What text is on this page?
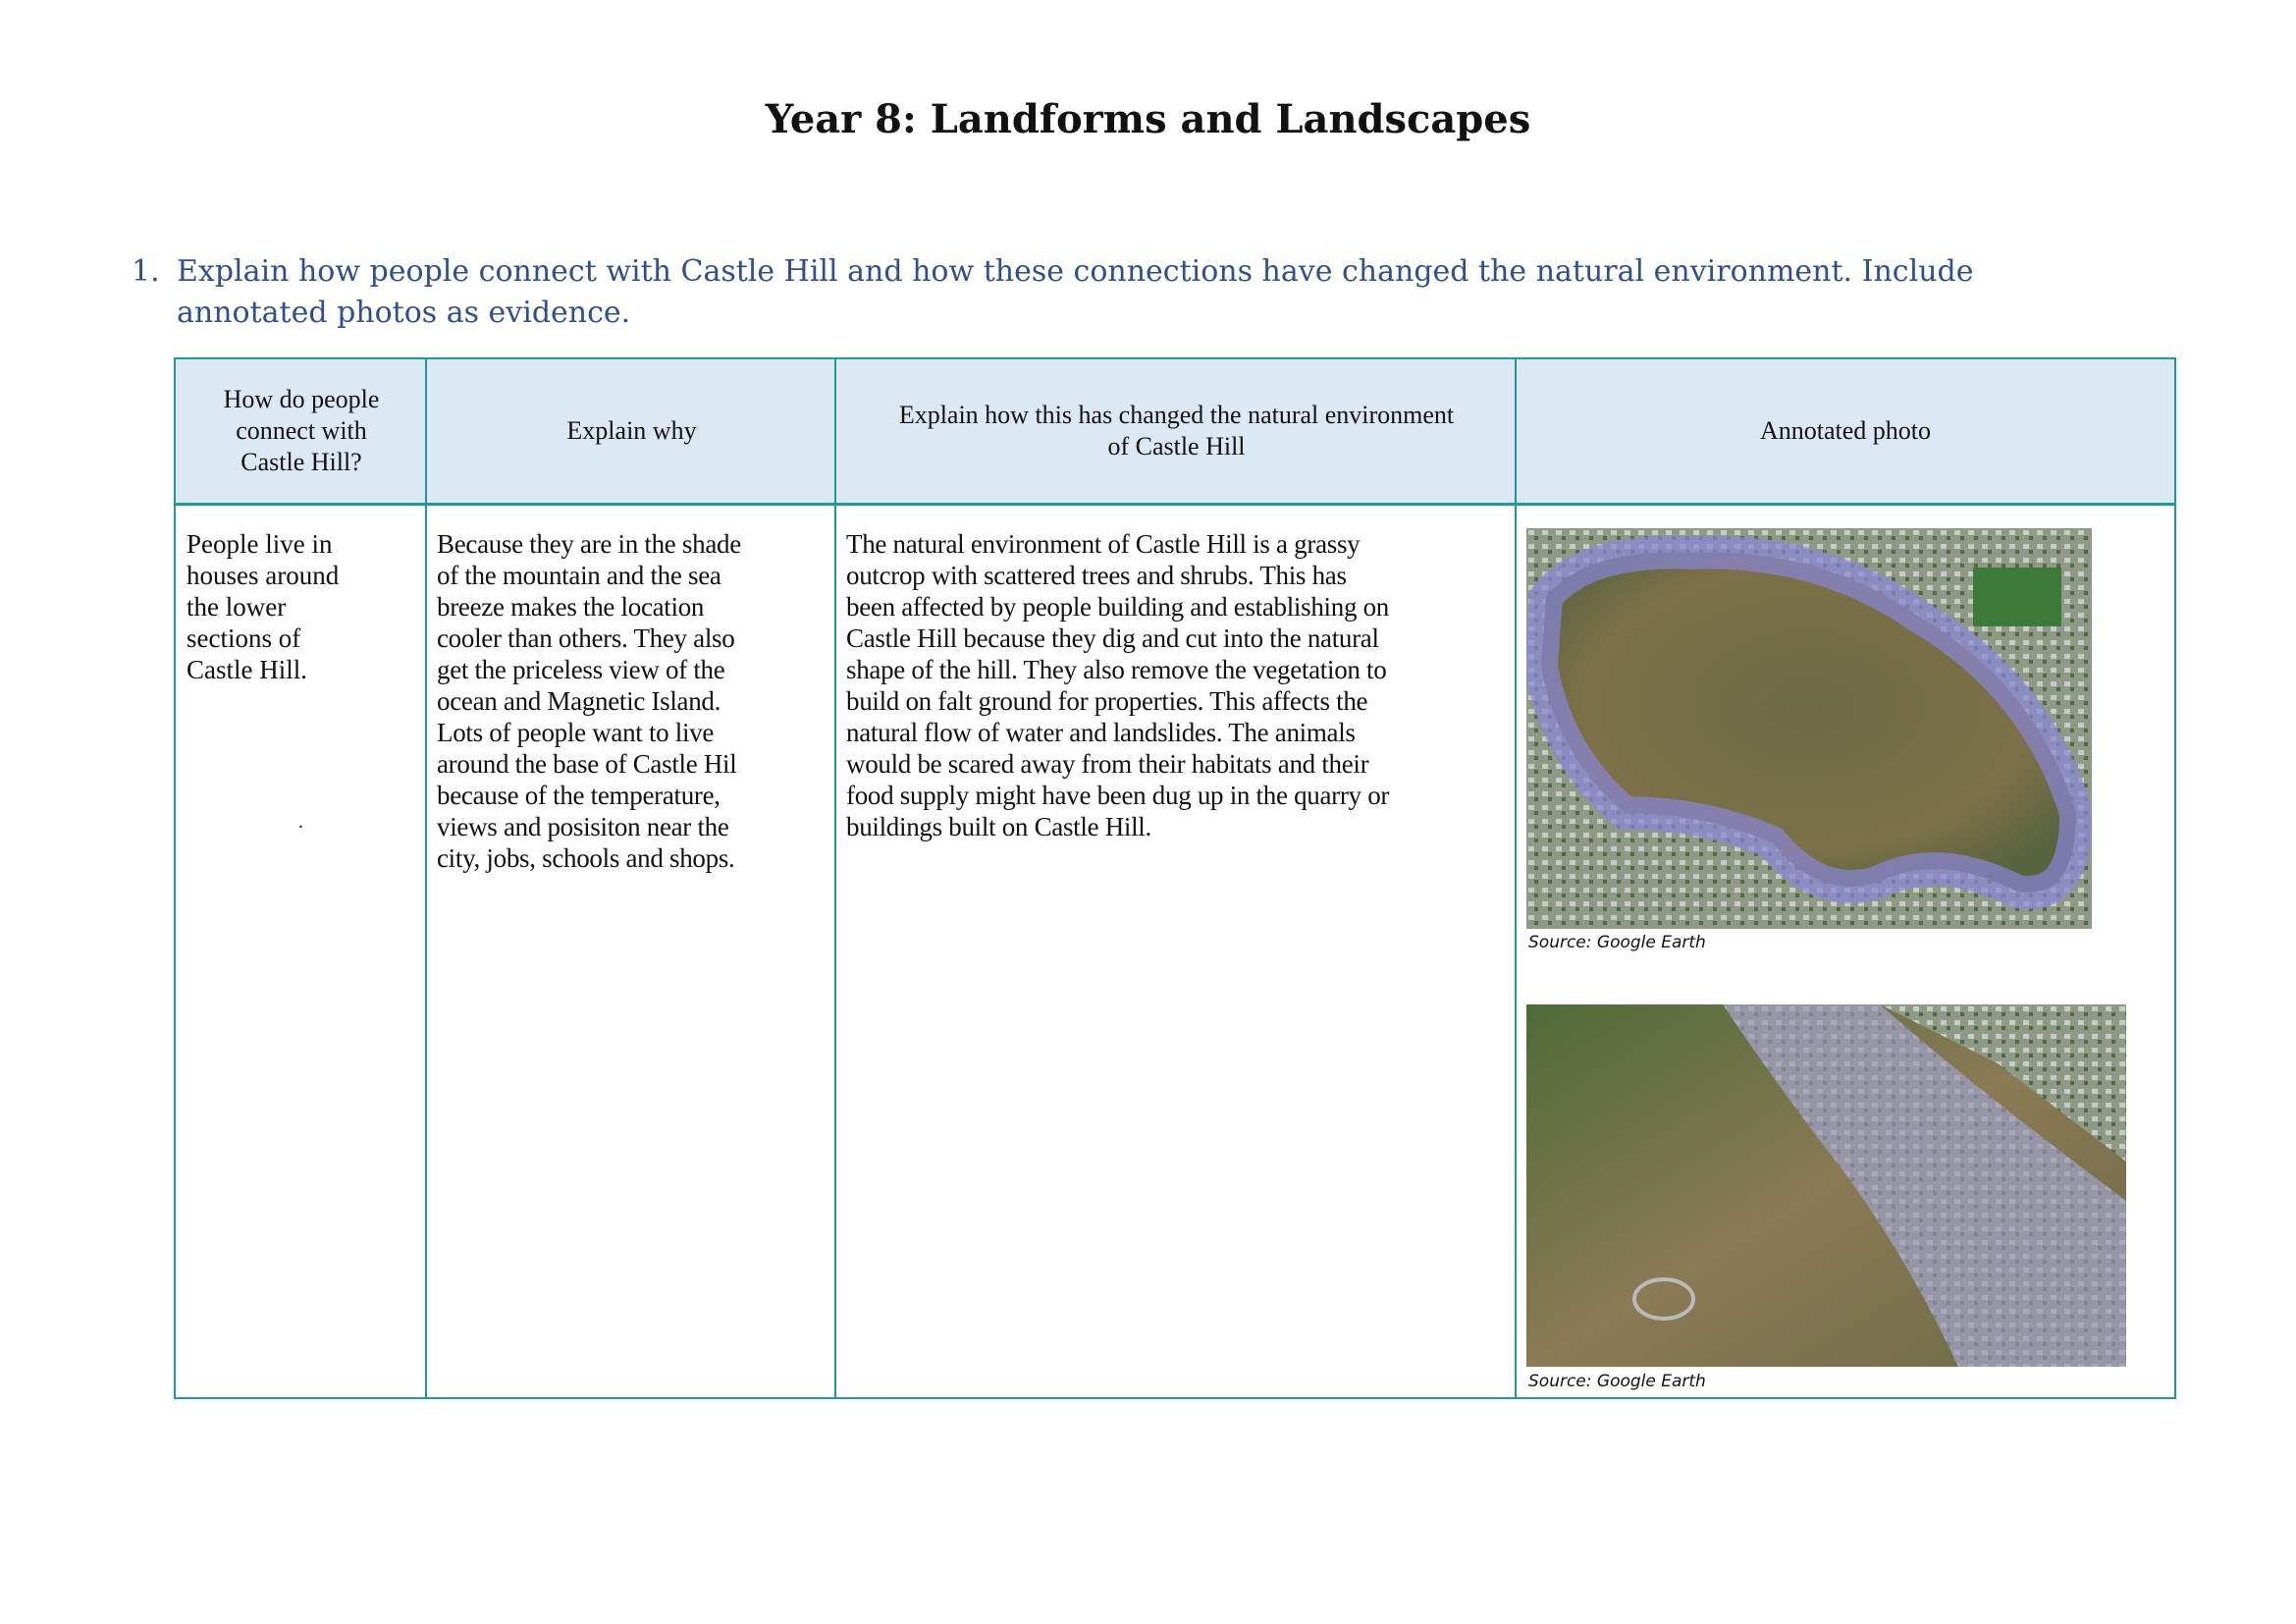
Year 8: Landforms and Landscapes
1. Explain how people connect with Castle Hill and how these connections have changed the natural environment. Include
annotated photos as evidence.
How do people
connect with
Castle Hill?
Explain why
Explain how this has changed the natural environment
of Castle Hill
Annotated photo
People live in
houses around
the lower
sections of
Castle Hill.
.
Because they are in the shade
of the mountain and the sea
breeze makes the location
cooler than others. They also
get the priceless view of the
ocean and Magnetic Island.
Lots of people want to live
around the base of Castle Hil
because of the temperature,
views and posisiton near the
city, jobs, schools and shops.
The natural environment of Castle Hill is a grassy
outcrop with scattered trees and shrubs. This has
been affected by people building and establishing on
Castle Hill because they dig and cut into the natural
shape of the hill. They also remove the vegetation to
build on falt ground for properties. This affects the
natural flow of water and landslides. The animals
would be scared away from their habitats and their
food supply might have been dug up in the quarry or
buildings built on Castle Hill.
Source: Google Earth
Source: Google Earth
